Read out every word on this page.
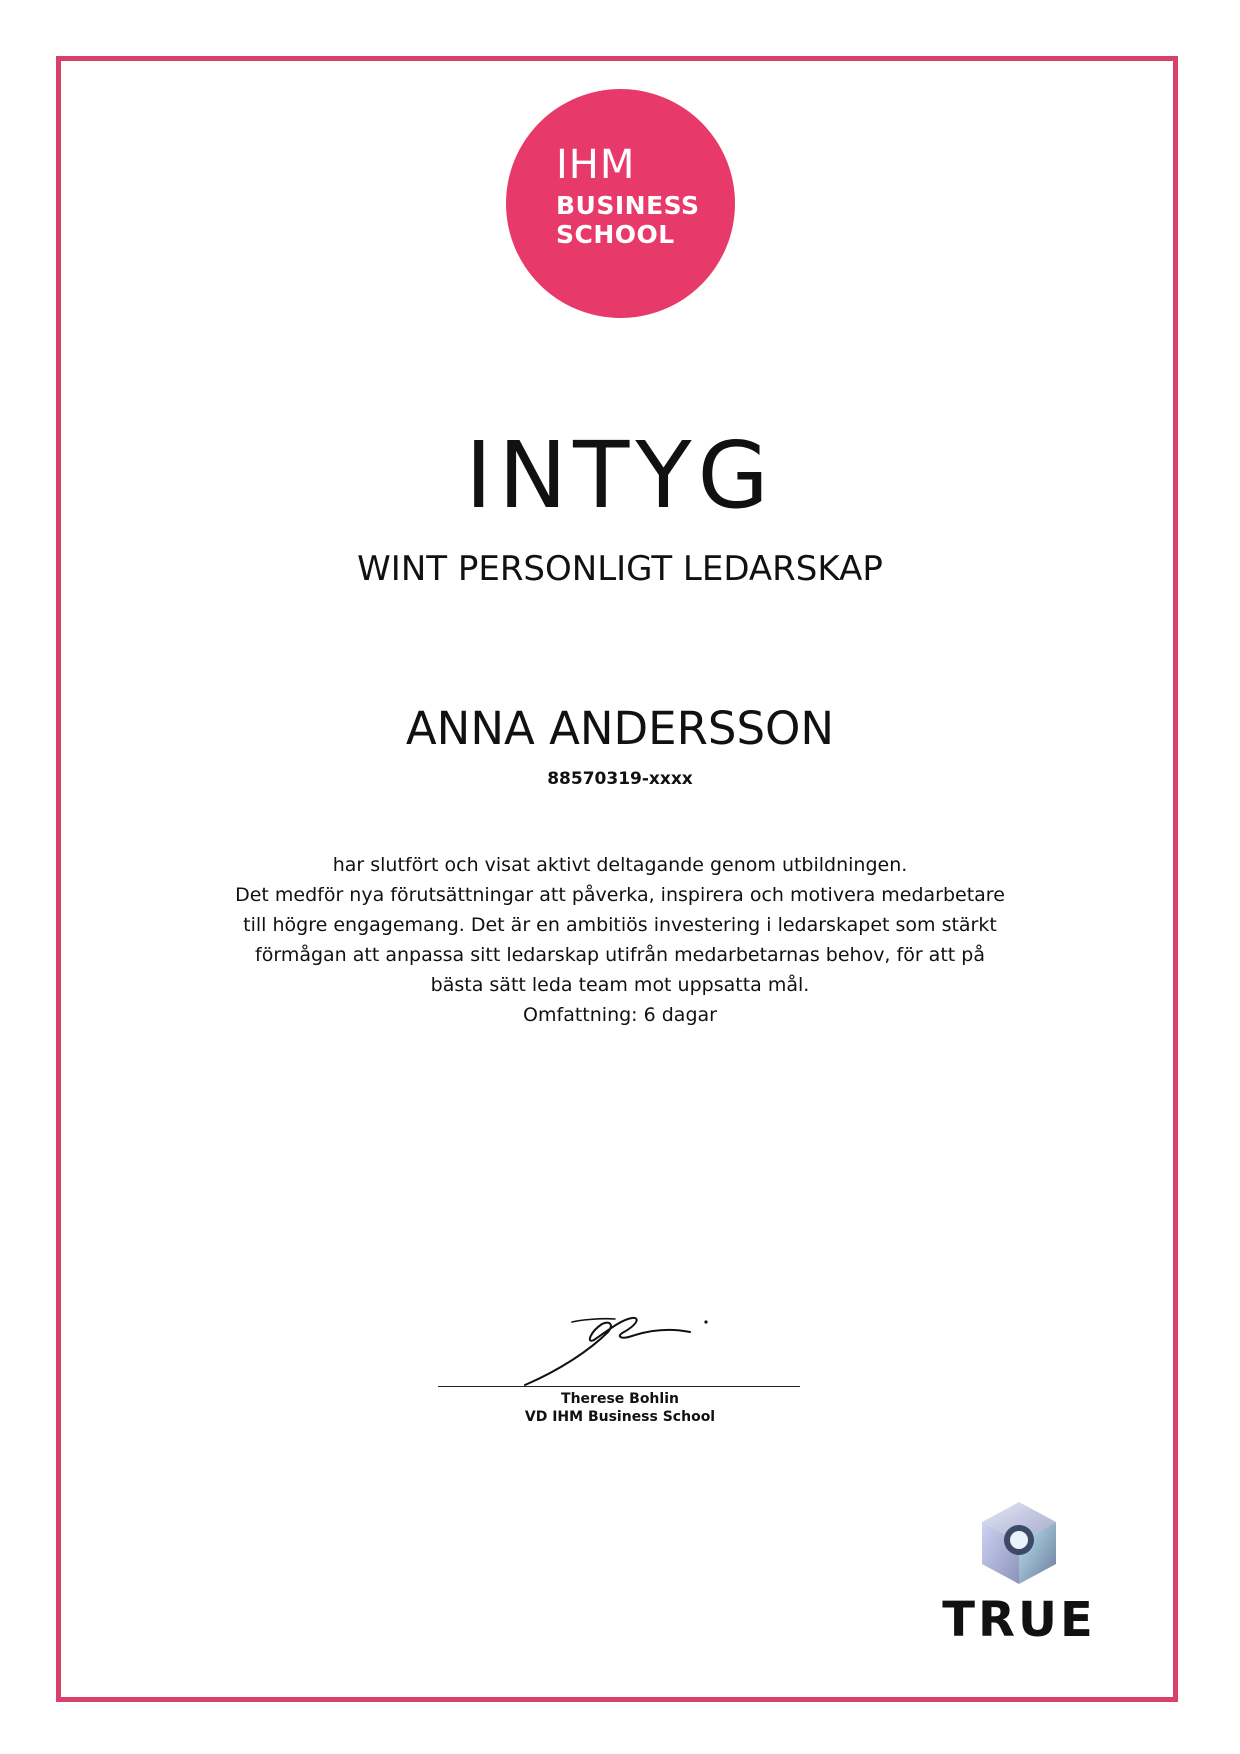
IHM
BUSINESS
SCHOOL
INTYG
WINT PERSONLIGT LEDARSKAP
ANNA ANDERSSON
88570319-xxxx
har slutfört och visat aktivt deltagande genom utbildningen.
Det medför nya förutsättningar att påverka, inspirera och motivera medarbetare
till högre engagemang. Det är en ambitiös investering i ledarskapet som stärkt
förmågan att anpassa sitt ledarskap utifrån medarbetarnas behov, för att på
bästa sätt leda team mot uppsatta mål.
Omfattning: 6 dagar
Therese Bohlin
VD IHM Business School
TRUE
